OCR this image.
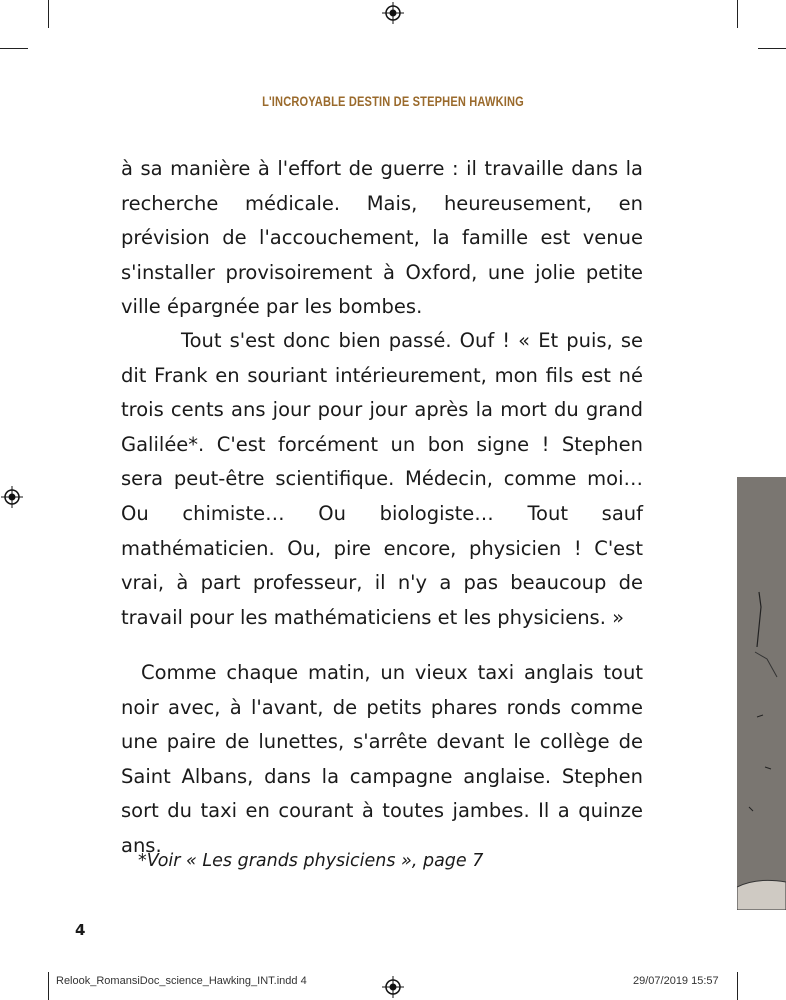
L'INCROYABLE DESTIN DE STEPHEN HAWKING

à sa manière à l'effort de guerre : il travaille dans la recherche médicale. Mais, heureusement, en prévision de l'accouchement, la famille est venue s'installer provisoirement à Oxford, une jolie petite ville épargnée par les bombes.

Tout s'est donc bien passé. Ouf ! « Et puis, se dit Frank en souriant intérieurement, mon fils est né trois cents ans jour pour jour après la mort du grand Galilée*. C'est forcément un bon signe ! Stephen sera peut-être scientifique. Médecin, comme moi… Ou chimiste… Ou biologiste… Tout sauf mathématicien. Ou, pire encore, physicien ! C'est vrai, à part professeur, il n'y a pas beaucoup de travail pour les mathématiciens et les physiciens. »

Comme chaque matin, un vieux taxi anglais tout noir avec, à l'avant, de petits phares ronds comme une paire de lunettes, s'arrête devant le collège de Saint Albans, dans la campagne anglaise. Stephen sort du taxi en courant à toutes jambes. Il a quinze ans.

*Voir « Les grands physiciens », page 7
4
Relook_RomansiDoc_science_Hawking_INT.indd 4	29/07/2019 15:57
